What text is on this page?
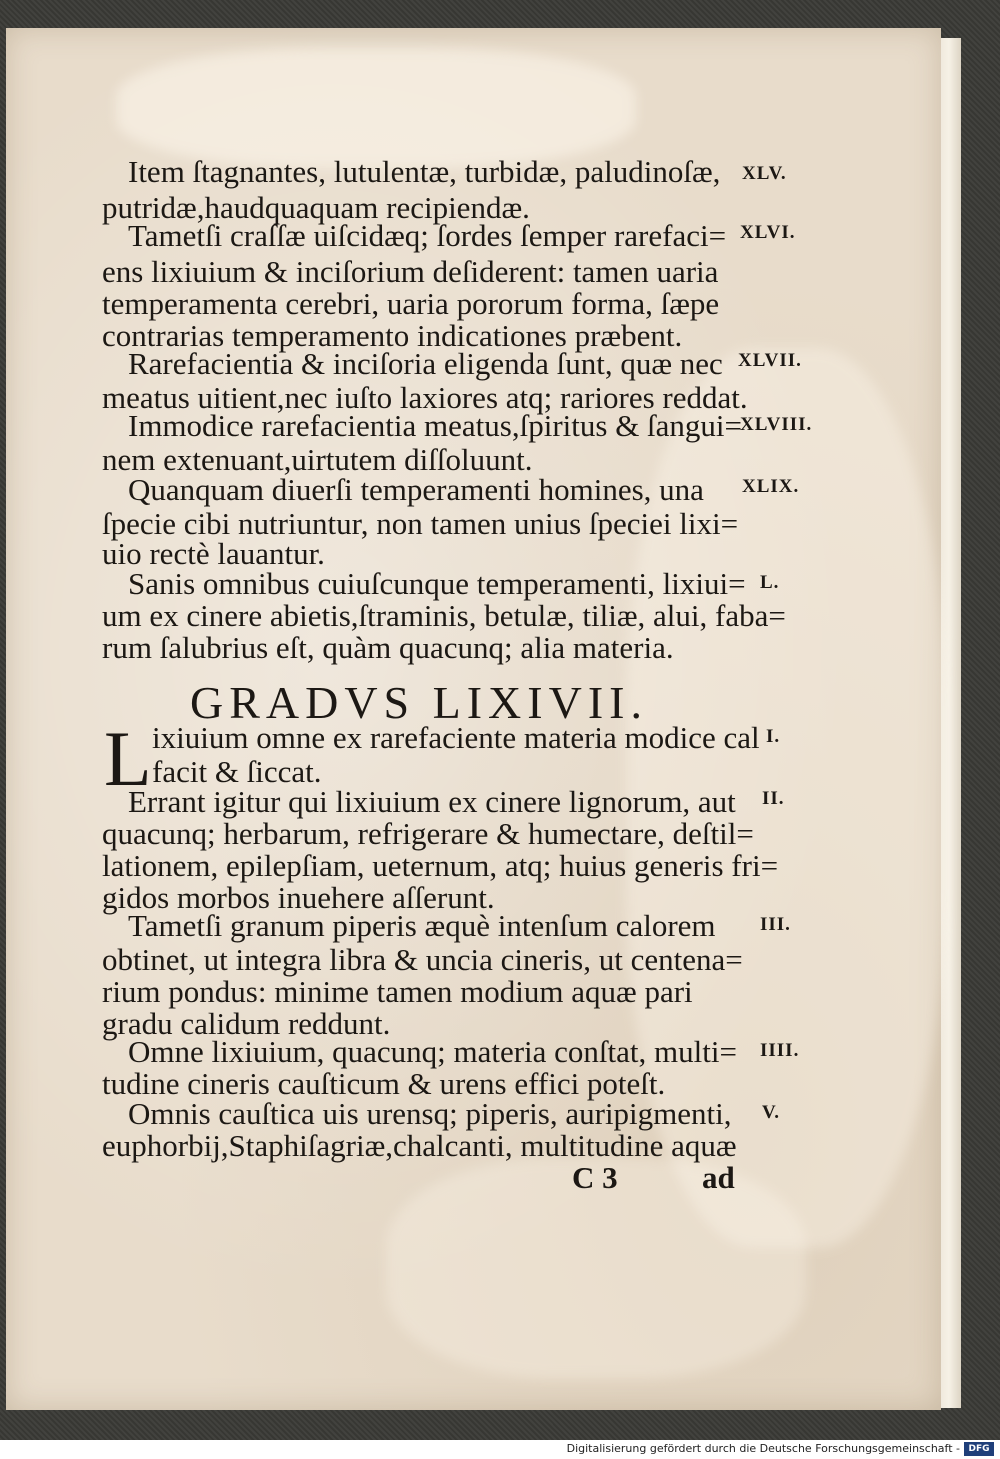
Item ſtagnantes, lutulentæ, turbidæ, paludinoſæ,

putridæ,haudquaquam recipiendæ.

XLV.

Tametſi craſſæ uiſcidæq; ſordes ſemper rarefaci=

ens lixiuium & inciſorium deſiderent: tamen uaria

temperamenta cerebri, uaria pororum forma, ſæpe

contrarias temperamento indicationes præbent.

XLVI.

Rarefacientia & inciſoria eligenda ſunt, quæ nec

meatus uitient,nec iuſto laxiores atq; rariores reddat.

XLVII.

Immodice rarefacientia meatus,ſpiritus & ſangui=

nem extenuant,uirtutem diſſoluunt.

XLVIII.

Quanquam diuerſi temperamenti homines, una

ſpecie cibi nutriuntur, non tamen unius ſpeciei lixi=

uio rectè lauantur.

XLIX.

Sanis omnibus cuiuſcunque temperamenti, lixiui=

um ex cinere abietis,ſtraminis, betulæ, tiliæ, alui, faba=

rum ſalubrius eſt, quàm quacunq; alia materia.

L.

GRADVS LIXIVII.

L ixiuium omne ex rarefaciente materia modice cal

facit & ſiccat.

I.

Errant igitur qui lixiuium ex cinere lignorum, aut

quacunq; herbarum, refrigerare & humectare, deſtil=

lationem, epilepſiam, ueternum, atq; huius generis fri=

gidos morbos inuehere aſſerunt.

II.

Tametſi granum piperis æquè intenſum calorem

obtinet, ut integra libra & uncia cineris, ut centena=

rium pondus: minime tamen modium aquæ pari

gradu calidum reddunt.

III.

Omne lixiuium, quacunq; materia conſtat, multi=

tudine cineris cauſticum & urens effici poteſt.

IIII.

Omnis cauſtica uis urensq; piperis, auripigmenti,

euphorbij,Staphiſagriæ,chalcanti, multitudine aquæ

V.

C 3	ad

Digitalisierung gefördert durch die Deutsche Forschungsgemeinschaft - DFG
